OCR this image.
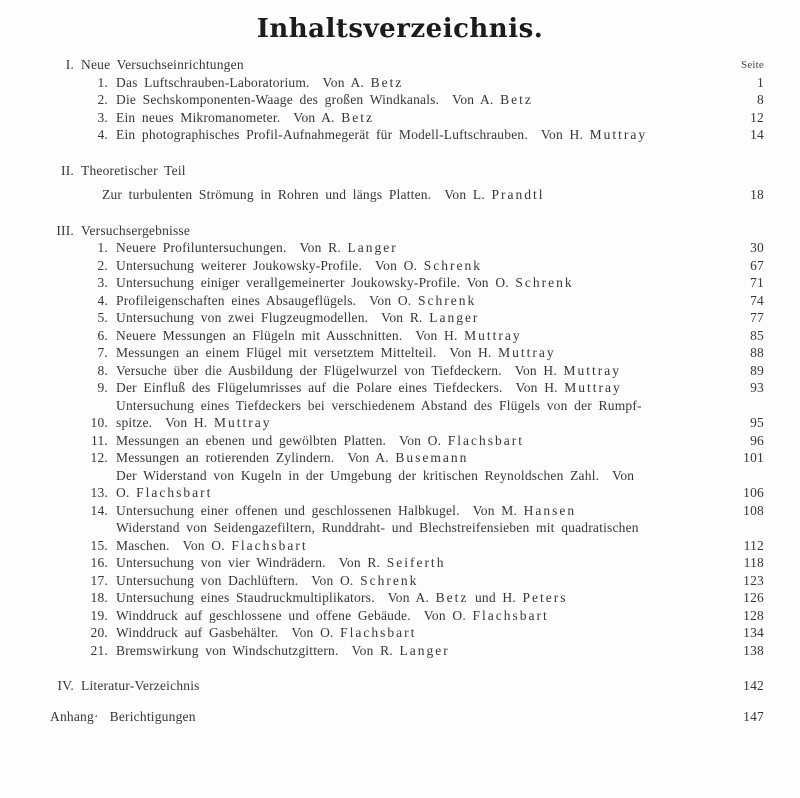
Inhaltsverzeichnis.
Seite
I. Neue Versuchseinrichtungen
1. Das Luftschrauben-Laboratorium.  Von A. Betz	1
2. Die Sechskomponenten-Waage des großen Windkanals.  Von A. Betz	8
3. Ein neues Mikromanometer.  Von A. Betz	12
4. Ein photographisches Profil-Aufnahmegerät für Modell-Luftschrauben.  Von H. Muttray	14
II. Theoretischer Teil
Zur turbulenten Strömung in Rohren und längs Platten.  Von L. Prandtl	18
III. Versuchsergebnisse
1. Neuere Profiluntersuchungen.  Von R. Langer	30
2. Untersuchung weiterer Joukowsky-Profile.  Von O. Schrenk	67
3. Untersuchung einiger verallgemeinerter Joukowsky-Profile. Von O. Schrenk	71
4. Profileigenschaften eines Absaugeflügels.  Von O. Schrenk	74
5. Untersuchung von zwei Flugzeugmodellen.  Von R. Langer	77
6. Neuere Messungen an Flügeln mit Ausschnitten.  Von H. Muttray	85
7. Messungen an einem Flügel mit versetztem Mittelteil.  Von H. Muttray	88
8. Versuche über die Ausbildung der Flügelwurzel von Tiefdeckern.  Von H. Muttray	89
9. Der Einfluß des Flügelumrisses auf die Polare eines Tiefdeckers.  Von H. Muttray	93
10.
Untersuchung eines Tiefdeckers bei verschiedenem Abstand des Flügels von der Rumpf-
spitze.  Von H. Muttray	95
11. Messungen an ebenen und gewölbten Platten.  Von O. Flachsbart	96
12. Messungen an rotierenden Zylindern.  Von A. Busemann	101
13.
Der Widerstand von Kugeln in der Umgebung der kritischen Reynoldschen Zahl.  Von
O. Flachsbart	106
14. Untersuchung einer offenen und geschlossenen Halbkugel.  Von M. Hansen	108
15.
Widerstand von Seidengazefiltern, Runddraht- und Blechstreifensieben mit quadratischen
Maschen.  Von O. Flachsbart	112
16. Untersuchung von vier Windrädern.  Von R. Seiferth	118
17. Untersuchung von Dachlüftern.  Von O. Schrenk	123
18. Untersuchung eines Staudruckmultiplikators.  Von A. Betz und H. Peters	126
19. Winddruck auf geschlossene und offene Gebäude.  Von O. Flachsbart	128
20. Winddruck auf Gasbehälter.  Von O. Flachsbart	134
21. Bremswirkung von Windschutzgittern.  Von R. Langer	138
IV. Literatur-Verzeichnis	142
Anhang· Berichtigungen	147
